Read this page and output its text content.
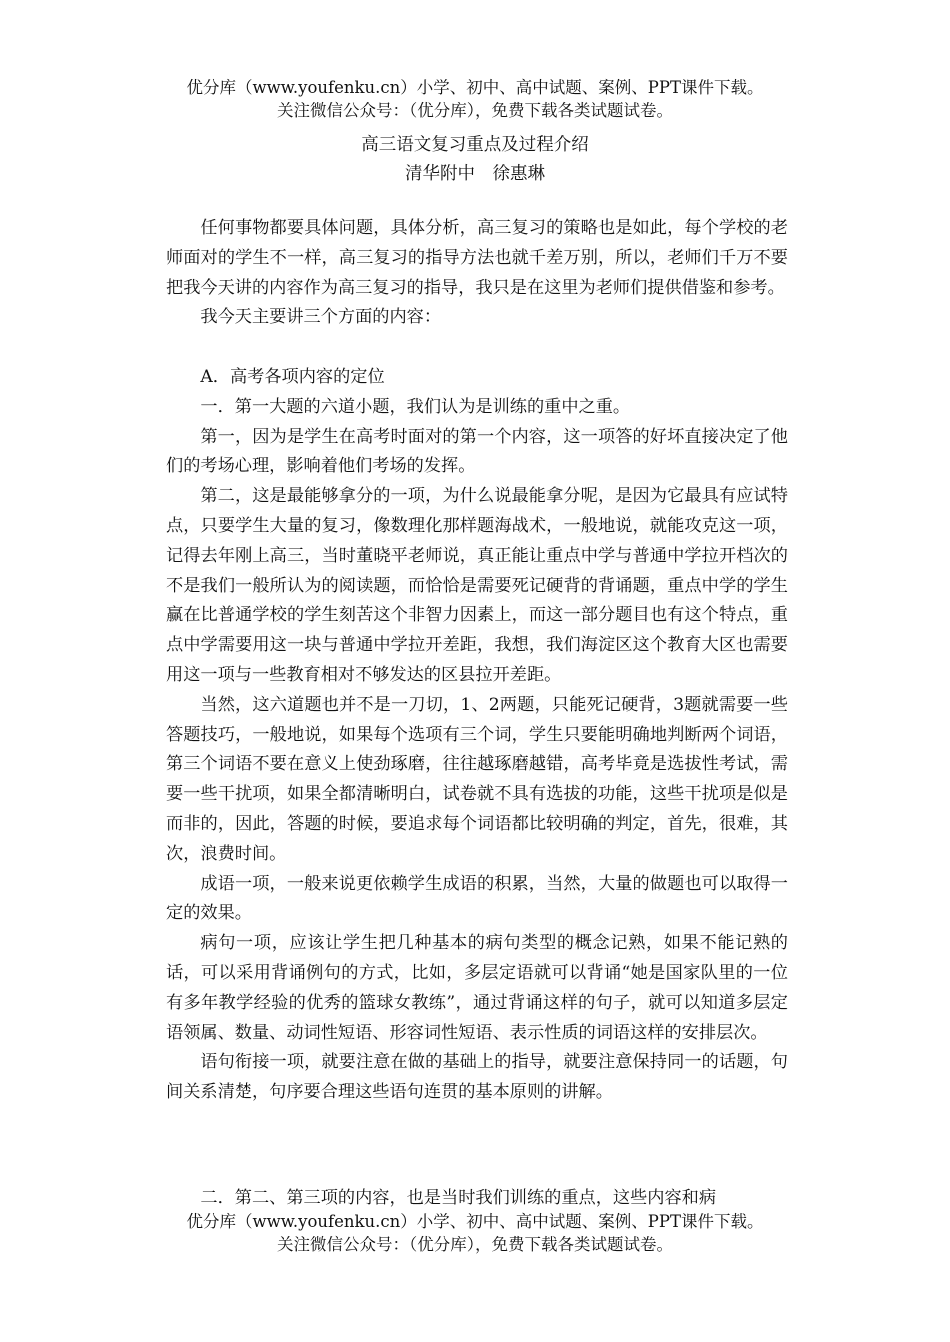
优分库（www.youfenku.cn）小学、初中、高中试题、案例、PPT课件下载。
关注微信公众号：（优分库），免费下载各类试题试卷。
高三语文复习重点及过程介绍
清华附中　徐惠琳

任何事物都要具体问题，具体分析，高三复习的策略也是如此，每个学校的老师面对的学生不一样，高三复习的指导方法也就千差万别，所以，老师们千万不要把我今天讲的内容作为高三复习的指导，我只是在这里为老师们提供借鉴和参考。

我今天主要讲三个方面的内容：

A．高考各项内容的定位

一．第一大题的六道小题，我们认为是训练的重中之重。

第一，因为是学生在高考时面对的第一个内容，这一项答的好坏直接决定了他们的考场心理，影响着他们考场的发挥。

第二，这是最能够拿分的一项，为什么说最能拿分呢，是因为它最具有应试特点，只要学生大量的复习，像数理化那样题海战术，一般地说，就能攻克这一项，记得去年刚上高三，当时董晓平老师说，真正能让重点中学与普通中学拉开档次的不是我们一般所认为的阅读题，而恰恰是需要死记硬背的背诵题，重点中学的学生赢在比普通学校的学生刻苦这个非智力因素上，而这一部分题目也有这个特点，重点中学需要用这一块与普通中学拉开差距，我想，我们海淀区这个教育大区也需要用这一项与一些教育相对不够发达的区县拉开差距。

当然，这六道题也并不是一刀切，1、2两题，只能死记硬背，3题就需要一些答题技巧，一般地说，如果每个选项有三个词，学生只要能明确地判断两个词语，第三个词语不要在意义上使劲琢磨，往往越琢磨越错，高考毕竟是选拔性考试，需要一些干扰项，如果全都清晰明白，试卷就不具有选拔的功能，这些干扰项是似是而非的，因此，答题的时候，要追求每个词语都比较明确的判定，首先，很难，其次，浪费时间。

成语一项，一般来说更依赖学生成语的积累，当然，大量的做题也可以取得一定的效果。

病句一项，应该让学生把几种基本的病句类型的概念记熟，如果不能记熟的话，可以采用背诵例句的方式，比如，多层定语就可以背诵“她是国家队里的一位有多年教学经验的优秀的篮球女教练”，通过背诵这样的句子，就可以知道多层定语领属、数量、动词性短语、形容词性短语、表示性质的词语这样的安排层次。

语句衔接一项，就要注意在做的基础上的指导，就要注意保持同一的话题，句间关系清楚，句序要合理这些语句连贯的基本原则的讲解。

二．第二、第三项的内容，也是当时我们训练的重点，这些内容和病

优分库（www.youfenku.cn）小学、初中、高中试题、案例、PPT课件下载。
关注微信公众号：（优分库），免费下载各类试题试卷。
